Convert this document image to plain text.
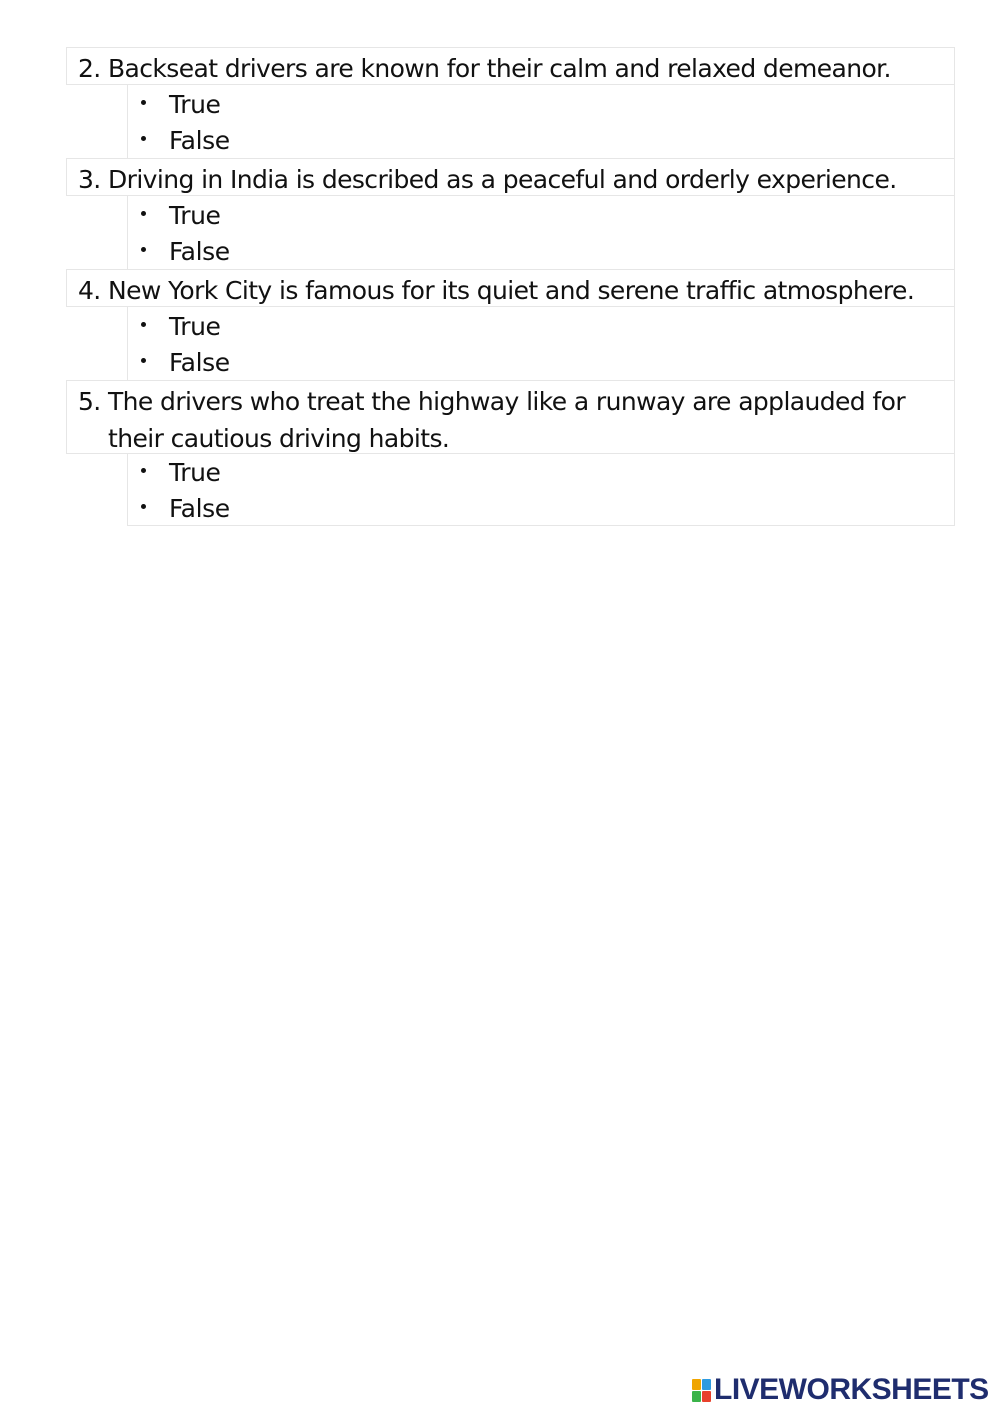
2. Backseat drivers are known for their calm and relaxed demeanor.
True
False
3. Driving in India is described as a peaceful and orderly experience.
True
False
4. New York City is famous for its quiet and serene traffic atmosphere.
True
False
5. The drivers who treat the highway like a runway are applauded for their cautious driving habits.
True
False
LIVEWORKSHEETS
